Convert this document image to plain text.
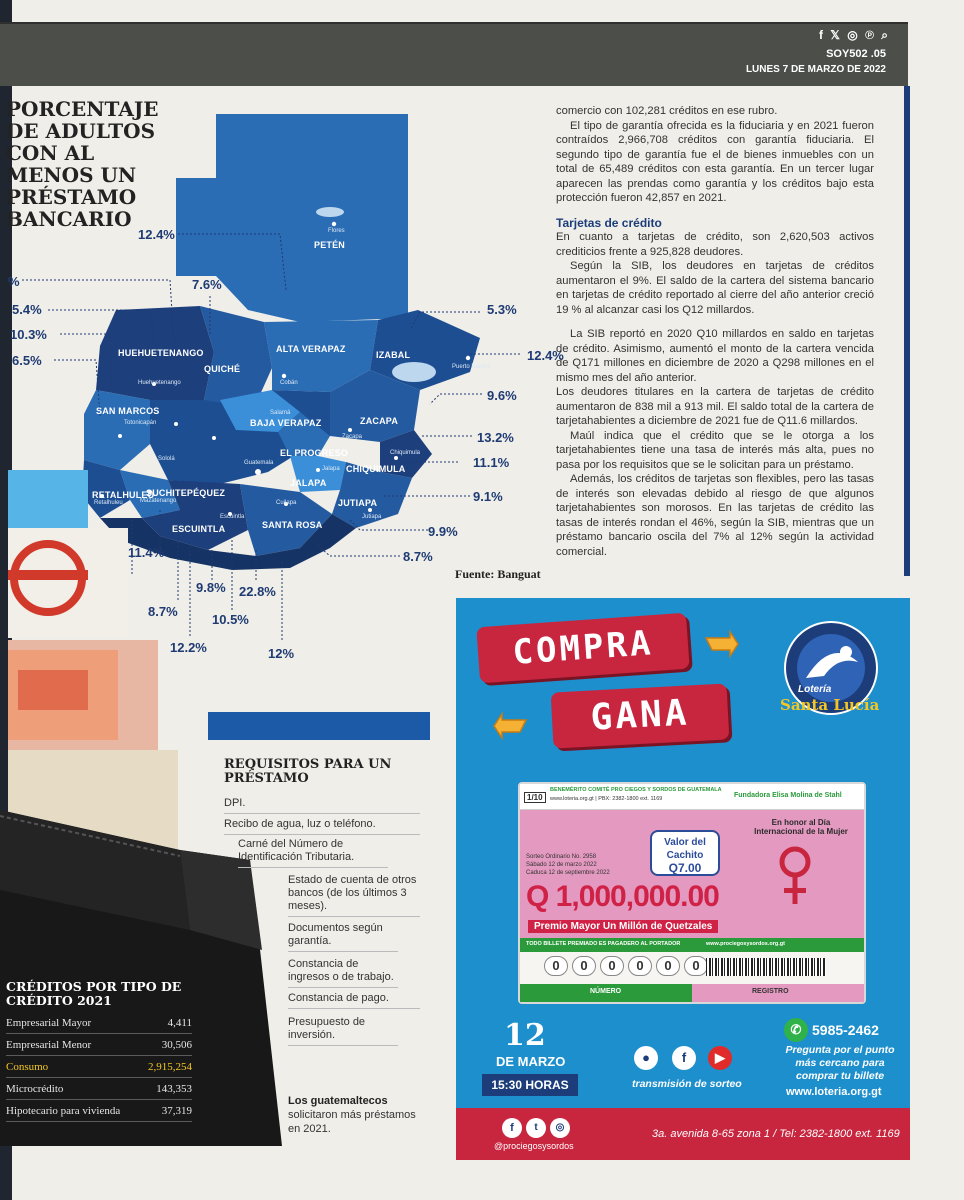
f 𝕏 ◎ ℗ ⌕
SOY502 .05
LUNES 7 DE MARZO DE 2022
PORCENTAJE DE ADULTOS CON AL MENOS UN PRÉSTAMO BANCARIO
PETÉN
HUEHUETENANGO
QUICHÉ
ALTA VERAPAZ
IZABAL
SAN MARCOS
BAJA VERAPAZ	ZACAPA
EL PROGRESO
CHIQUIMULA
JALAPA
SUCHITEPÉQUEZ
RETALHULEU
JUTIAPA
ESCUINTLA	SANTA ROSA
Flores
Cobán
Puerto Barrios
Guatemala
Zacapa
Chiquimula
Jalapa
Jutiapa
Cuilapa
Escuintla
Mazatenango
Retalhuleu
Salamá
Totonicapán
Sololá
Huehuetenango
12.4%
7.6%
5.3%
%
5.4%
10.3%
6.5%	12.4%
9.6%
13.2%
11.1%
9.1%
9.9%
8.7%
11.4%
8.7%
12.2%
9.8%
10.5%
22.8%
12%
Fuente: Banguat

comercio con 102,281 créditos en ese rubro.

El tipo de garantía ofrecida es la fiduciaria y en 2021 fueron contraídos 2,966,708 créditos con garantía fiduciaria. El segundo tipo de garantía fue el de bienes inmuebles con un total de 65,489 créditos con esta garantía. En un tercer lugar aparecen las prendas como garantía y los créditos bajo esta protección fueron 42,857 en 2021.

Tarjetas de crédito

En cuanto a tarjetas de crédito, son 2,620,503 activos crediticios frente a 925,828 deudores.

Según la SIB, los deudores en tarjetas de créditos aumentaron el 9%. El saldo de la cartera del sistema bancario en tarjetas de crédito reportado al cierre del año anterior creció 19 % al alcanzar casi los Q12 millardos.

La SIB reportó en 2020 Q10 millardos en saldo en tarjetas de crédito. Asimismo, aumentó el monto de la cartera vencida de Q171 millones en diciembre de 2020 a Q298 millones en el mismo mes del año anterior.

Los deudores titulares en la cartera de tarjetas de crédito aumentaron de 838 mil a 913 mil. El saldo total de la cartera de tarjetahabientes a diciembre de 2021 fue de Q11.6 millardos.

Maúl indica que el crédito que se le otorga a los tarjetahabientes tiene una tasa de interés más alta, pues no pasa por los requisitos que se le solicitan para un préstamo.

Además, los créditos de tarjetas son flexibles, pero las tasas de interés son elevadas debido al riesgo de que algunos tarjetahabientes son morosos. En las tarjetas de crédito las tasas de interés rondan el 46%, según la SIB, mientras que un préstamo bancario oscila del 7% al 12% según la actividad comercial.

CRÉDITOS POR TIPO DE CRÉDITO 2021
Empresarial Mayor	4,411
Empresarial Menor	30,506
Consumo	2,915,254
Microcrédito	143,353
Hipotecario para vivienda	37,319
REQUISITOS PARA UN PRÉSTAMO
DPI.
Recibo de agua, luz o teléfono.
Carné del Número de Identificación Tributaria.
Estado de cuenta de otros bancos (de los últimos 3 meses).
Documentos según garantía.
Constancia de ingresos o de trabajo.
Constancia de pago.
Presupuesto de inversión.
Los guatemaltecos solicitaron más préstamos en 2021.
COMPRA
GANA
Lotería
Santa Lucía
1/10
BENEMÉRITO COMITÉ PRO CIEGOS Y SORDOS DE GUATEMALA
www.loteria.org.gt | PBX: 2382-1800 ext. 1169	Fundadora Elisa Molina de Stahl
Valor del Cachito
Q7.00
En honor al Día Internacional de la Mujer
Sorteo Ordinario No. 2958
Sábado 12 de marzo 2022
Caduca 12 de septiembre 2022
Q 1,000,000.00
Premio Mayor Un Millón de Quetzales
TODO BILLETE PREMIADO ES PAGADERO AL PORTADOR	www.prociegosysordos.org.gt
0	0	0	0	0	0
NÚMERO	REGISTRO
12
DE MARZO
15:30 HORAS
●	f	▶
transmisión de sorteo
✆ 5985-2462
Pregunta por el punto más cercano para comprar tu billete
www.loteria.org.gt
f	t	◎
@prociegosysordos
3a. avenida 8-65 zona 1 / Tel: 2382-1800 ext. 1169
